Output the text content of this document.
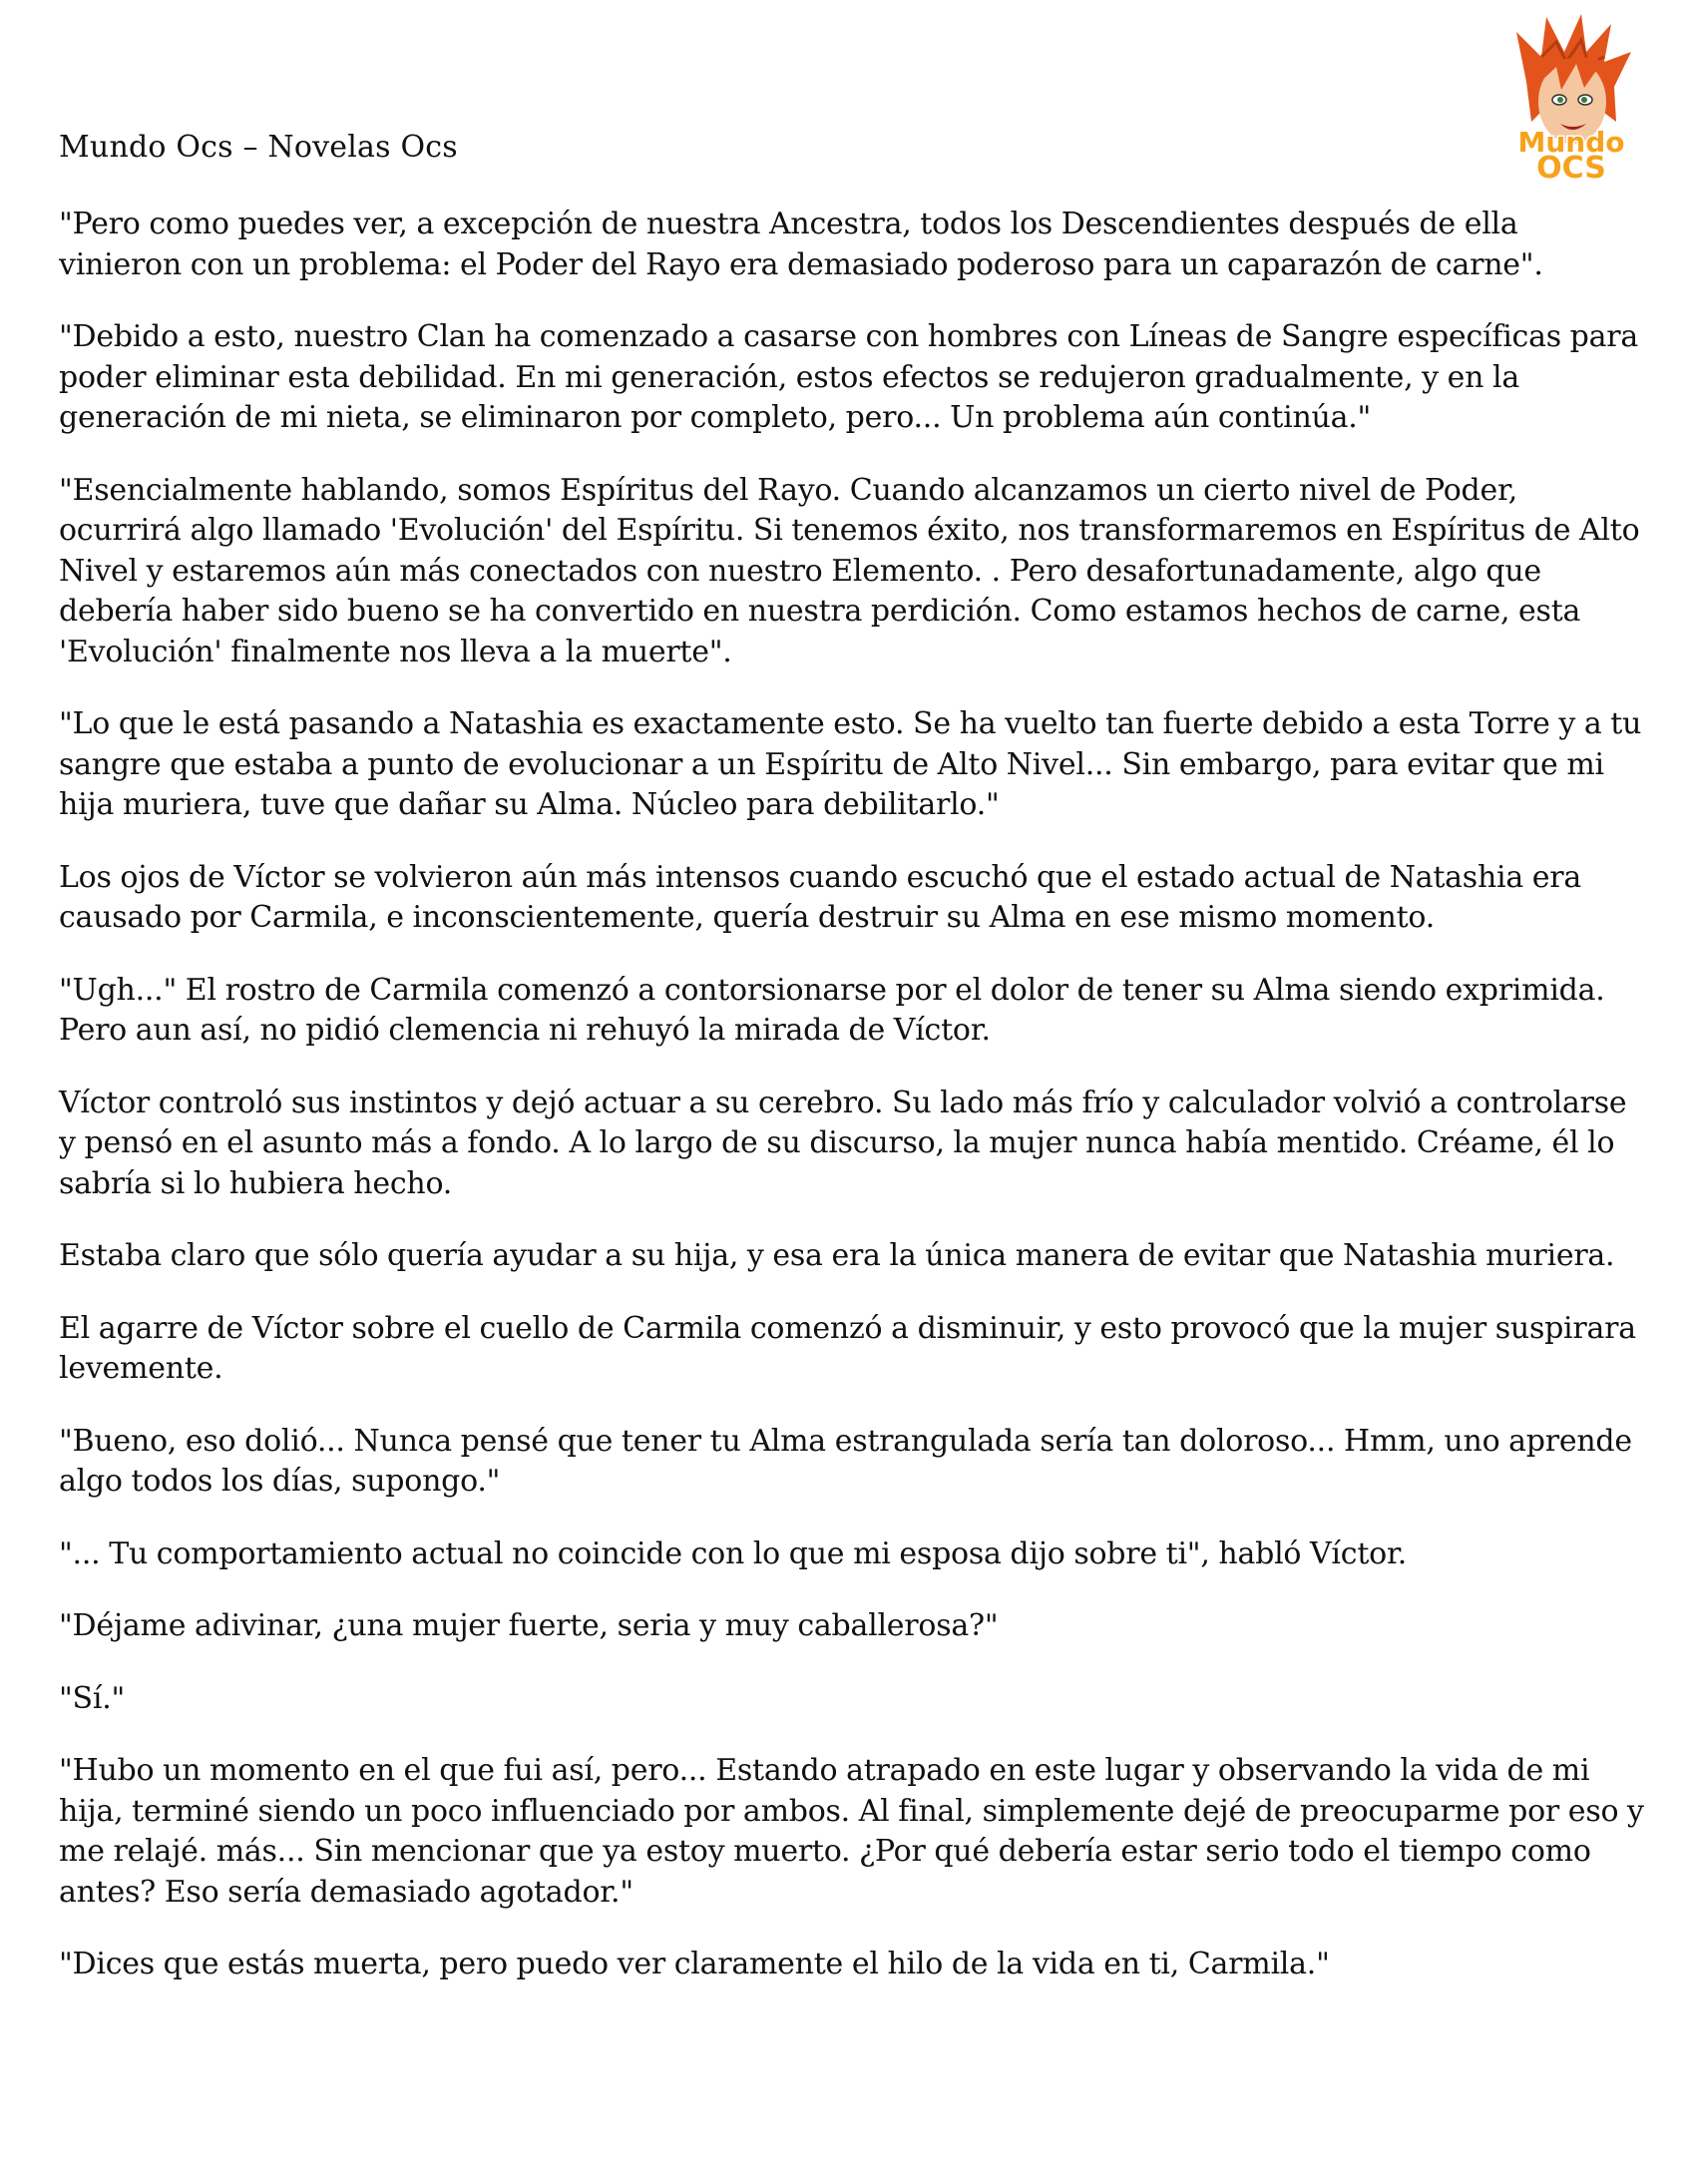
Mundo Ocs – Novelas Ocs	Mundo
OCS

"Pero como puedes ver, a excepción de nuestra Ancestra, todos los Descendientes después de ella vinieron con un problema: el Poder del Rayo era demasiado poderoso para un caparazón de carne".

"Debido a esto, nuestro Clan ha comenzado a casarse con hombres con Líneas de Sangre específicas para poder eliminar esta debilidad. En mi generación, estos efectos se redujeron gradualmente, y en la generación de mi nieta, se eliminaron por completo, pero... Un problema aún continúa."

"Esencialmente hablando, somos Espíritus del Rayo. Cuando alcanzamos un cierto nivel de Poder, ocurrirá algo llamado 'Evolución' del Espíritu. Si tenemos éxito, nos transformaremos en Espíritus de Alto Nivel y estaremos aún más conectados con nuestro Elemento. . Pero desafortunadamente, algo que debería haber sido bueno se ha convertido en nuestra perdición. Como estamos hechos de carne, esta 'Evolución' finalmente nos lleva a la muerte".

"Lo que le está pasando a Natashia es exactamente esto. Se ha vuelto tan fuerte debido a esta Torre y a tu sangre que estaba a punto de evolucionar a un Espíritu de Alto Nivel... Sin embargo, para evitar que mi hija muriera, tuve que dañar su Alma. Núcleo para debilitarlo."

Los ojos de Víctor se volvieron aún más intensos cuando escuchó que el estado actual de Natashia era causado por Carmila, e inconscientemente, quería destruir su Alma en ese mismo momento.

"Ugh..." El rostro de Carmila comenzó a contorsionarse por el dolor de tener su Alma siendo exprimida. Pero aun así, no pidió clemencia ni rehuyó la mirada de Víctor.

Víctor controló sus instintos y dejó actuar a su cerebro. Su lado más frío y calculador volvió a controlarse y pensó en el asunto más a fondo. A lo largo de su discurso, la mujer nunca había mentido. Créame, él lo sabría si lo hubiera hecho.

Estaba claro que sólo quería ayudar a su hija, y esa era la única manera de evitar que Natashia muriera.

El agarre de Víctor sobre el cuello de Carmila comenzó a disminuir, y esto provocó que la mujer suspirara levemente.

"Bueno, eso dolió... Nunca pensé que tener tu Alma estrangulada sería tan doloroso... Hmm, uno aprende algo todos los días, supongo."

"... Tu comportamiento actual no coincide con lo que mi esposa dijo sobre ti", habló Víctor.

"Déjame adivinar, ¿una mujer fuerte, seria y muy caballerosa?"

"Sí."

"Hubo un momento en el que fui así, pero... Estando atrapado en este lugar y observando la vida de mi hija, terminé siendo un poco influenciado por ambos. Al final, simplemente dejé de preocuparme por eso y me relajé. más... Sin mencionar que ya estoy muerto. ¿Por qué debería estar serio todo el tiempo como antes? Eso sería demasiado agotador."

"Dices que estás muerta, pero puedo ver claramente el hilo de la vida en ti, Carmila."
